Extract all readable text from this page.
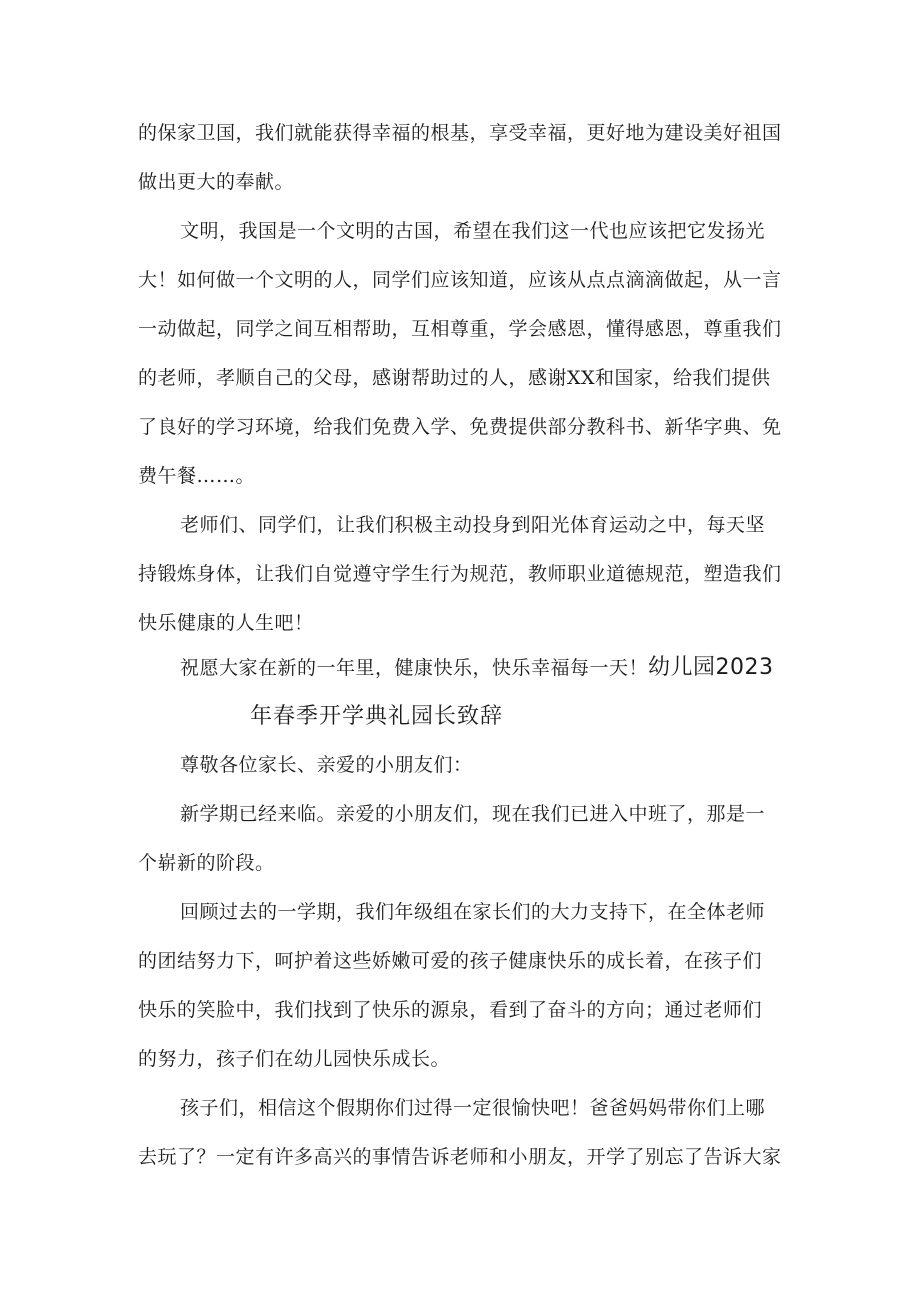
的保家卫国，我们就能获得幸福的根基，享受幸福，更好地为建设美好祖国
做出更大的奉献。
文明，我国是一个文明的古国，希望在我们这一代也应该把它发扬光
大！如何做一个文明的人，同学们应该知道，应该从点点滴滴做起，从一言
一动做起，同学之间互相帮助，互相尊重，学会感恩，懂得感恩，尊重我们
的老师，孝顺自己的父母，感谢帮助过的人，感谢XX和国家，给我们提供
了良好的学习环境，给我们免费入学、免费提供部分教科书、新华字典、免
费午餐……。
老师们、同学们，让我们积极主动投身到阳光体育运动之中，每天坚
持锻炼身体，让我们自觉遵守学生行为规范，教师职业道德规范，塑造我们
快乐健康的人生吧！
祝愿大家在新的一年里，健康快乐，快乐幸福每一天！幼儿园2023
年春季开学典礼园长致辞
尊敬各位家长、亲爱的小朋友们：
新学期已经来临。亲爱的小朋友们，现在我们已进入中班了，那是一
个崭新的阶段。
回顾过去的一学期，我们年级组在家长们的大力支持下，在全体老师
的团结努力下，呵护着这些娇嫩可爱的孩子健康快乐的成长着，在孩子们
快乐的笑脸中，我们找到了快乐的源泉，看到了奋斗的方向；通过老师们
的努力，孩子们在幼儿园快乐成长。
孩子们，相信这个假期你们过得一定很愉快吧！爸爸妈妈带你们上哪
去玩了？一定有许多高兴的事情告诉老师和小朋友，开学了别忘了告诉大家
